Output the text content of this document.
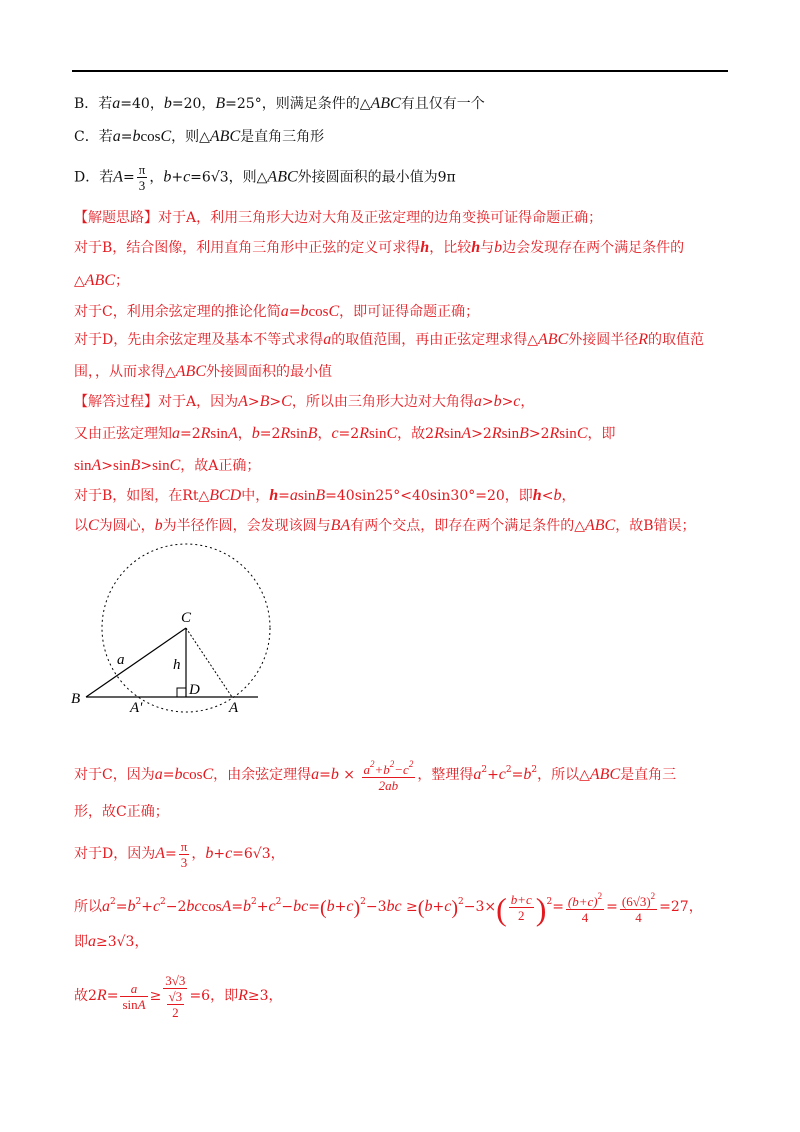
B．若a=40，b=20，B=25°，则满足条件的△ABC有且仅有一个
C．若a=bcosC，则△ABC是直角三角形
D．若$A= \frac{\pi}{3}$ ，b+c=6√3，则△ABC外接圆面积的最小值为9π
【解题思路】对于A，利用三角形大边对大角及正弦定理的边角变换可证得命题正确；
对于B，结合图像，利用直角三角形中正弦的定义可求得h，比较h与b边会发现存在两个满足条件的
△ABC；
对于C，利用余弦定理的推论化简a=bcosC，即可证得命题正确；
对于D，先由余弦定理及基本不等式求得a的取值范围，再由正弦定理求得△ABC外接圆半径R的取值范
围，，从而求得△ABC外接圆面积的最小值
【解答过程】对于A，因为A>B>C，所以由三角形大边对大角得a>b>c，
又由正弦定理知a=2RsinA，b=2RsinB，c=2RsinC，故2RsinA>2RsinB>2RsinC，即
sinA>sinB>sinC，故A正确；
对于B，如图，在Rt△BCD中，h=asinB=40sin25°<40sin30°=20，即h<b，
以C为圆心，b为半径作圆，会发现该圆与BA有两个交点，即存在两个满足条件的△ABC，故B错误；
C
a	h
D
B
A'	A
对于C，因为a=bcosC，由余弦定理得$a=b \times \frac{a^2+b^2-c^2}{2ab}$ ，整理得$a^2+c^2=b^2$，所以△ABC是直角三
形，故C正确；
对于D，因为$A= \frac{\pi}{3}$ ，b+c=6√3，
所以$a^2=b^2+c^2-2bccosA=b^2+c^2-bc=(b+c)^2-3bc \ge(b+c)^2-3\times( \frac{b+c}{2} )^2= \frac{(b+c)^2}{4} = \frac{(6√3)^2}{4} =27$，
即a≥3√3，
故$2R= \frac{a}{\sin A} \ge \frac{3√3}{\frac{√3}{2}} =6$，即R≥3，
